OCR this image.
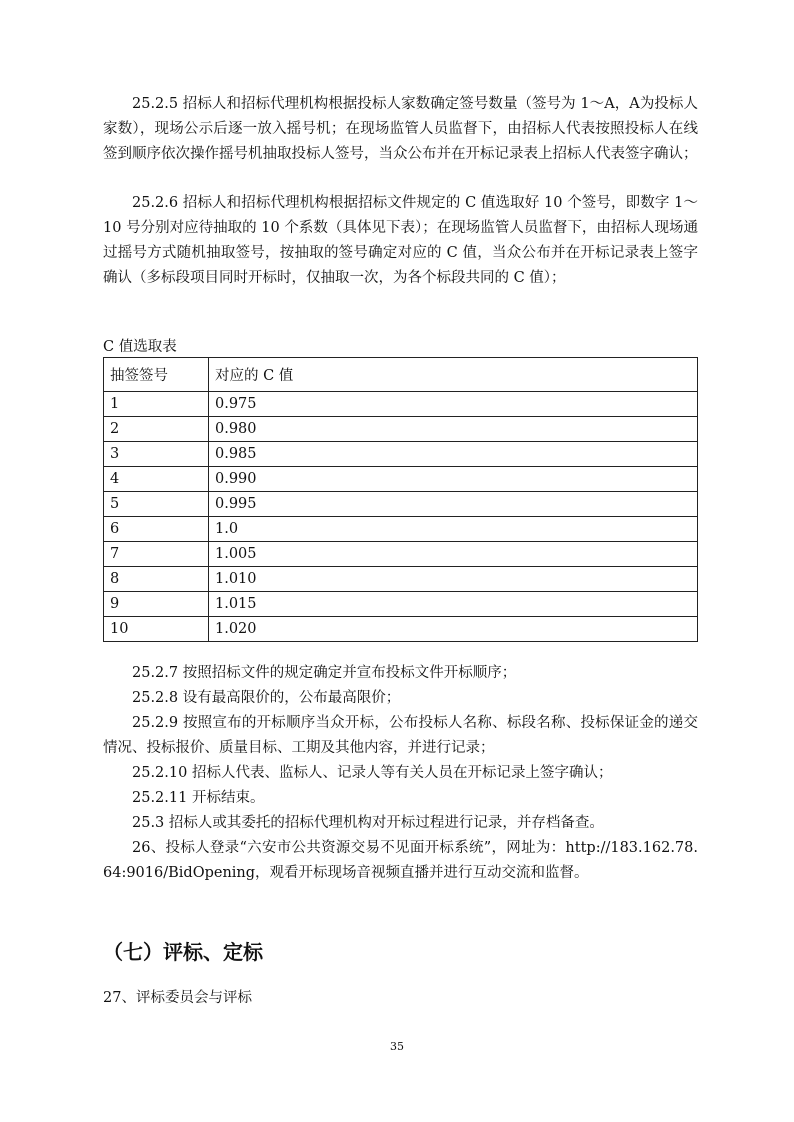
25.2.5 招标人和招标代理机构根据投标人家数确定签号数量（签号为 1～A，A为投标人家数），现场公示后逐一放入摇号机；在现场监管人员监督下，由招标人代表按照投标人在线签到顺序依次操作摇号机抽取投标人签号，当众公布并在开标记录表上招标人代表签字确认；

25.2.6 招标人和招标代理机构根据招标文件规定的 C 值选取好 10 个签号，即数字 1～10 号分别对应待抽取的 10 个系数（具体见下表）；在现场监管人员监督下，由招标人现场通过摇号方式随机抽取签号，按抽取的签号确定对应的 C 值，当众公布并在开标记录表上签字确认（多标段项目同时开标时，仅抽取一次，为各个标段共同的 C 值）；

C 值选取表
抽签签号	对应的 C 值
1	0.975
2	0.980
3	0.985
4	0.990
5	0.995
6	1.0
7	1.005
8	1.010
9	1.015
10	1.020

25.2.7 按照招标文件的规定确定并宣布投标文件开标顺序；

25.2.8 设有最高限价的，公布最高限价；

25.2.9 按照宣布的开标顺序当众开标，公布投标人名称、标段名称、投标保证金的递交情况、投标报价、质量目标、工期及其他内容，并进行记录；

25.2.10 招标人代表、监标人、记录人等有关人员在开标记录上签字确认；

25.2.11 开标结束。

25.3 招标人或其委托的招标代理机构对开标过程进行记录，并存档备查。

26、投标人登录“六安市公共资源交易不见面开标系统”，网址为：http://183.162.78.64:9016/BidOpening，观看开标现场音视频直播并进行互动交流和监督。

（七）评标、定标
27、评标委员会与评标
35
